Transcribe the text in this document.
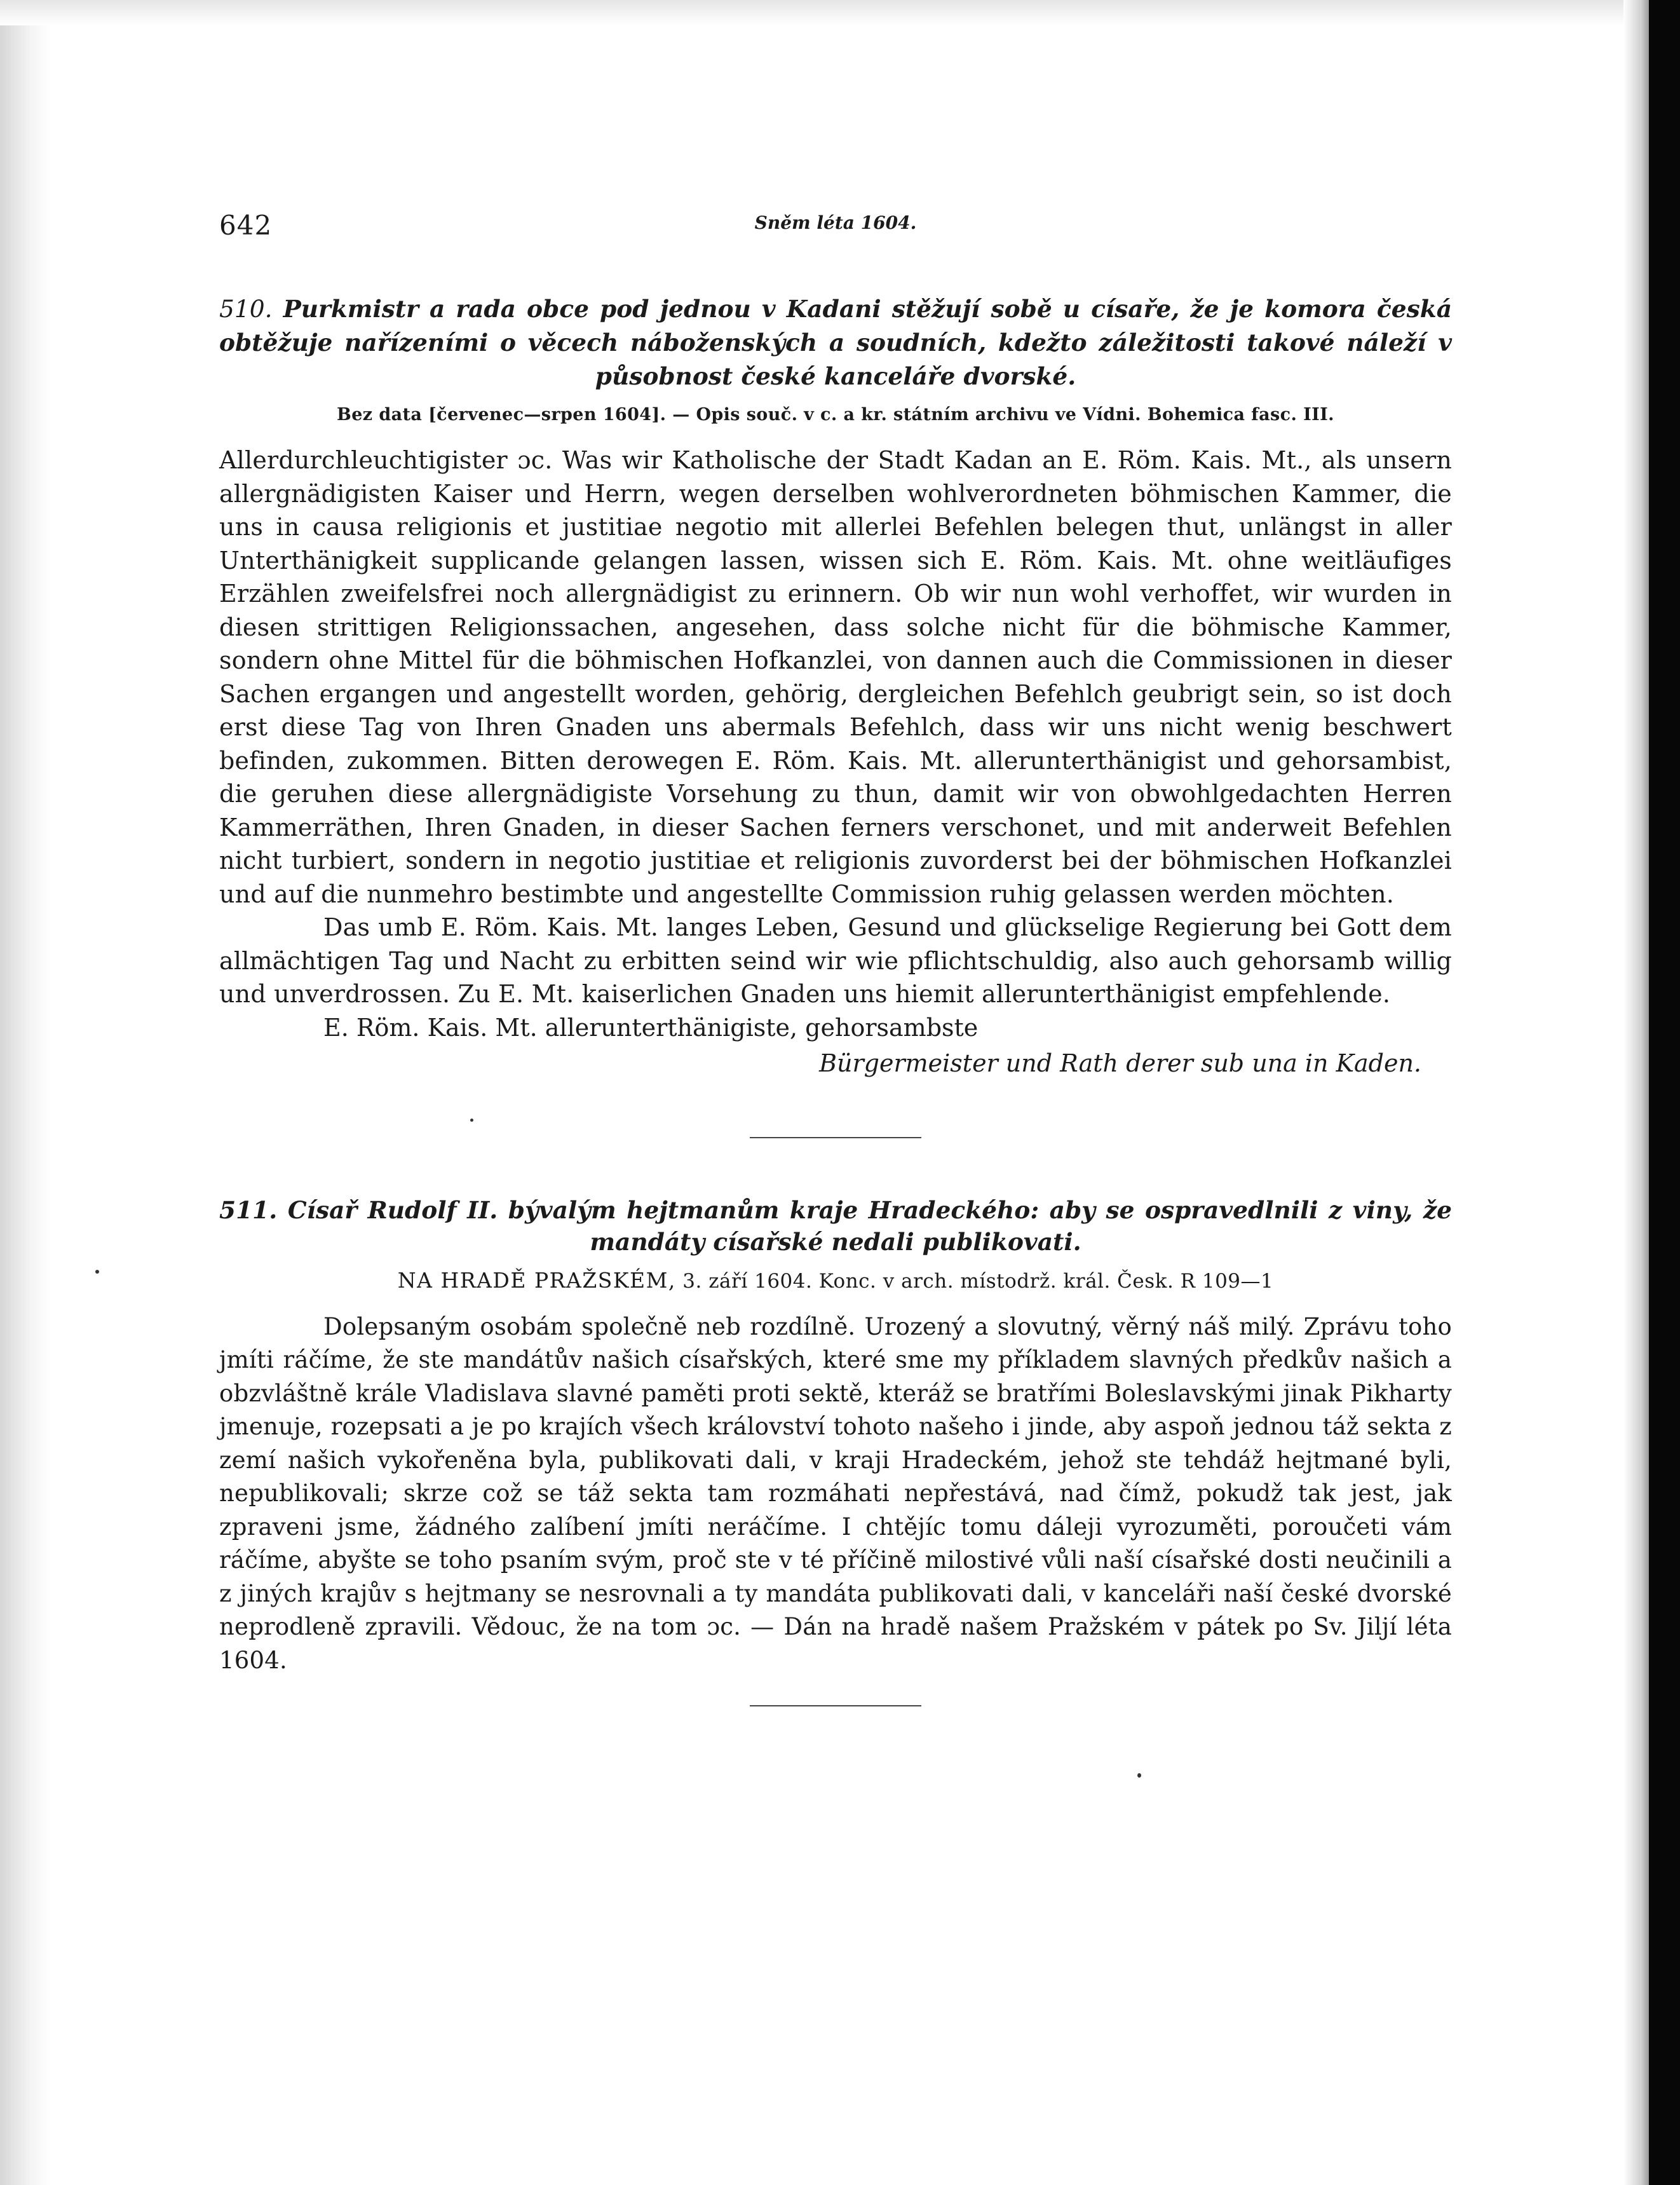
642	Sněm léta 1604.
510. Purkmistr a rada obce pod jednou v Kadani stěžují sobě u císaře, že je komora česká obtěžuje nařízeními o věcech náboženských a soudních, kdežto záležitosti takové náleží v působnost české kanceláře dvorské.
Bez data [červenec—srpen 1604]. — Opis souč. v c. a kr. státním archivu ve Vídni. Bohemica fasc. III.

Allerdurchleuchtigister ɔc. Was wir Katholische der Stadt Kadan an E. Röm. Kais. Mt., als unsern allergnädigisten Kaiser und Herrn, wegen derselben wohlverordneten böhmischen Kammer, die uns in causa religionis et justitiae negotio mit allerlei Befehlen belegen thut, unlängst in aller Unterthänigkeit supplicande gelangen lassen, wissen sich E. Röm. Kais. Mt. ohne weitläufiges Erzählen zweifelsfrei noch allergnädigist zu erinnern. Ob wir nun wohl verhoffet, wir wurden in diesen strittigen Religionssachen, angesehen, dass solche nicht für die böhmische Kammer, sondern ohne Mittel für die böhmischen Hofkanzlei, von dannen auch die Commissionen in dieser Sachen ergangen und angestellt worden, gehörig, dergleichen Befehlch geubrigt sein, so ist doch erst diese Tag von Ihren Gnaden uns abermals Befehlch, dass wir uns nicht wenig beschwert befinden, zukommen. Bitten derowegen E. Röm. Kais. Mt. allerunterthänigist und gehorsambist, die geruhen diese allergnädigiste Vorsehung zu thun, damit wir von obwohlgedachten Herren Kammerräthen, Ihren Gnaden, in dieser Sachen ferners verschonet, und mit anderweit Befehlen nicht turbiert, sondern in negotio justitiae et religionis zuvorderst bei der böhmischen Hofkanzlei und auf die nunmehro bestimbte und angestellte Commission ruhig gelassen werden möchten.

Das umb E. Röm. Kais. Mt. langes Leben, Gesund und glückselige Regierung bei Gott dem allmächtigen Tag und Nacht zu erbitten seind wir wie pflichtschuldig, also auch gehorsamb willig und unverdrossen. Zu E. Mt. kaiserlichen Gnaden uns hiemit allerunterthänigist empfehlende.

E. Röm. Kais. Mt. allerunterthänigiste, gehorsambste
Bürgermeister und Rath derer sub una in Kaden.
511. Císař Rudolf II. bývalým hejtmanům kraje Hradeckého: aby se ospravedlnili z viny, že mandáty císařské nedali publikovati.
NA HRADĚ PRAŽSKÉM, 3. září 1604. Konc. v arch. místodrž. král. Česk. R 109—1

Dolepsaným osobám společně neb rozdílně. Urozený a slovutný, věrný náš milý. Zprávu toho jmíti ráčíme, že ste mandátův našich císařských, které sme my příkladem slavných předkův našich a obzvláštně krále Vladislava slavné paměti proti sektě, kteráž se bratřími Boleslavskými jinak Pikharty jmenuje, rozepsati a je po krajích všech království tohoto našeho i jinde, aby aspoň jednou táž sekta z zemí našich vykořeněna byla, publikovati dali, v kraji Hradeckém, jehož ste tehdáž hejtmané byli, nepublikovali; skrze což se táž sekta tam rozmáhati nepřestává, nad čímž, pokudž tak jest, jak zpraveni jsme, žádného zalíbení jmíti neráčíme. I chtějíc tomu dáleji vyrozuměti, poroučeti vám ráčíme, abyšte se toho psaním svým, proč ste v té příčině milostivé vůli naší císařské dosti neučinili a z jiných krajův s hejtmany se nesrovnali a ty mandáta publikovati dali, v kanceláři naší české dvorské neprodleně zpravili. Vědouc, že na tom ɔc. — Dán na hradě našem Pražském v pátek po Sv. Jiljí léta 1604.
